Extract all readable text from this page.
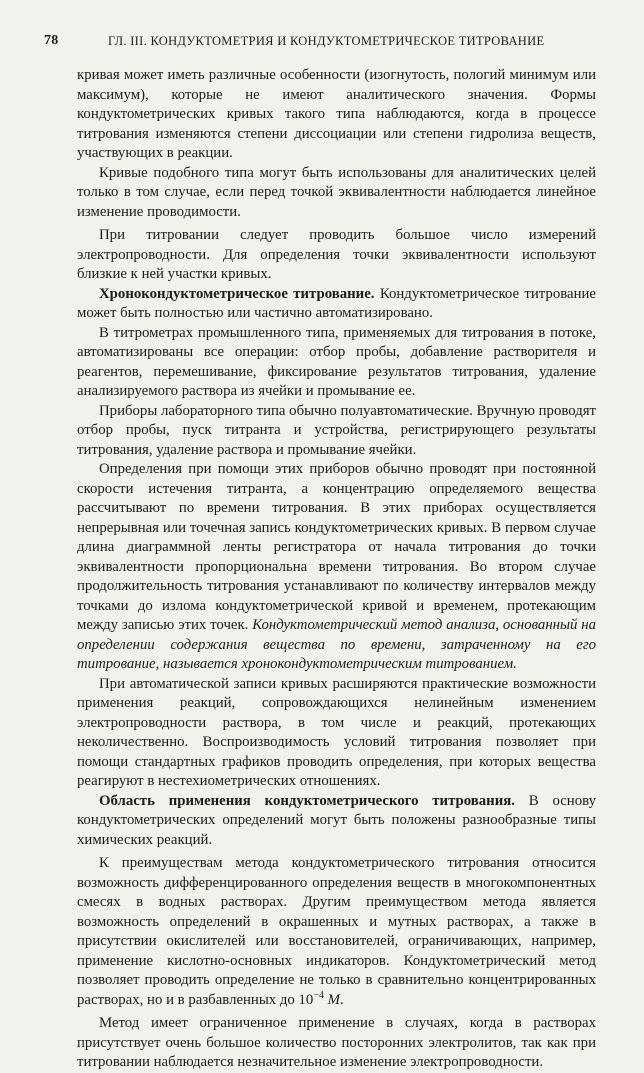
78	ГЛ. III. КОНДУКТОМЕТРИЯ И КОНДУКТОМЕТРИЧЕСКОЕ ТИТРОВАНИЕ

кривая может иметь различные особенности (изогнутость, пологий минимум или максимум), которые не имеют аналитического значения. Формы кондуктометрических кривых такого типа наблюдаются, когда в процессе титрования изменяются степени диссоциации или степени гидролиза веществ, участвующих в реакции.

Кривые подобного типа могут быть использованы для аналитических целей только в том случае, если перед точкой эквивалентности наблюдается линейное изменение проводимости.

При титровании следует проводить большое число измерений электропроводности. Для определения точки эквивалентности используют близкие к ней участки кривых.

Хронокондуктометрическое титрование. Кондуктометрическое титрование может быть полностью или частично автоматизировано.

В титрометрах промышленного типа, применяемых для титрования в потоке, автоматизированы все операции: отбор пробы, добавление растворителя и реагентов, перемешивание, фиксирование результатов титрования, удаление анализируемого раствора из ячейки и промывание ее.

Приборы лабораторного типа обычно полуавтоматические. Вручную проводят отбор пробы, пуск титранта и устройства, регистрирующего результаты титрования, удаление раствора и промывание ячейки.

Определения при помощи этих приборов обычно проводят при постоянной скорости истечения титранта, а концентрацию определяемого вещества рассчитывают по времени титрования. В этих приборах осуществляется непрерывная или точечная запись кондуктометрических кривых. В первом случае длина диаграммной ленты регистратора от начала титрования до точки эквивалентности пропорциональна времени титрования. Во втором случае продолжительность титрования устанавливают по количеству интервалов между точками до излома кондуктометрической кривой и временем, протекающим между записью этих точек. Кондуктометрический метод анализа, основанный на определении содержания вещества по времени, затраченному на его титрование, называется хронокондуктометрическим титрованием.

При автоматической записи кривых расширяются практические возможности применения реакций, сопровождающихся нелинейным изменением электропроводности раствора, в том числе и реакций, протекающих неколичественно. Воспроизводимость условий титрования позволяет при помощи стандартных графиков проводить определения, при которых вещества реагируют в нестехиометрических отношениях.

Область применения кондуктометрического титрования. В основу кондуктометрических определений могут быть положены разнообразные типы химических реакций.

К преимуществам метода кондуктометрического титрования относится возможность дифференцированного определения веществ в многокомпонентных смесях в водных растворах. Другим преимуществом метода является возможность определений в окрашенных и мутных растворах, а также в присутствии окислителей или восстановителей, ограничивающих, например, применение кислотно-основных индикаторов. Кондуктометрический метод позволяет проводить определение не только в сравнительно концентрированных растворах, но и в разбавленных до $10^{-4}$ M.

Метод имеет ограниченное применение в случаях, когда в растворах присутствует очень большое количество посторонних электролитов, так как при титровании наблюдается незначительное изменение электропроводности.
